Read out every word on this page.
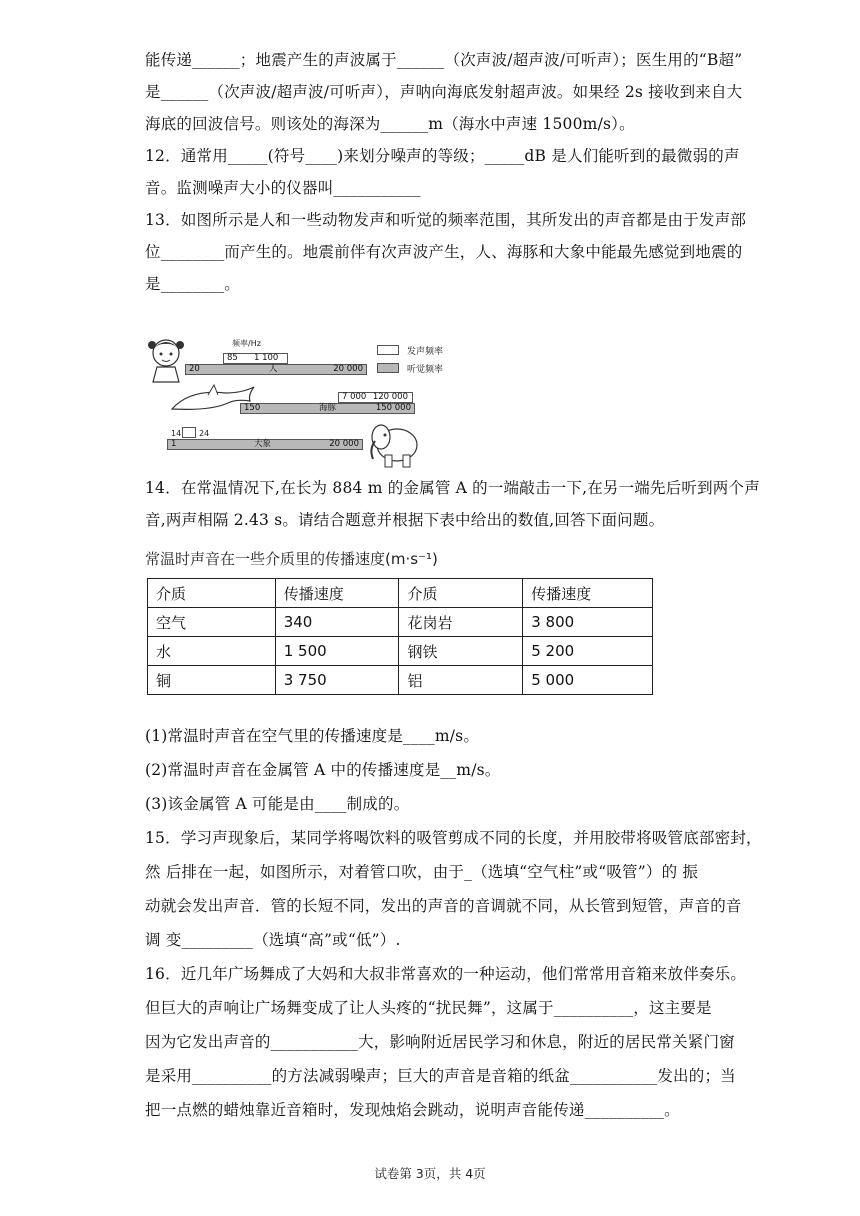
能传递______；地震产生的声波属于______（次声波/超声波/可听声）；医生用的“B超”
是______（次声波/超声波/可听声），声呐向海底发射超声波。如果经 2s 接收到来自大
海底的回波信号。则该处的海深为______m（海水中声速 1500m/s）。
12．通常用_____(符号____)来划分噪声的等级；_____dB 是人们能听到的最微弱的声
音。监测噪声大小的仪器叫___________
13．如图所示是人和一些动物发声和听觉的频率范围，其所发出的声音都是由于发声部
位________而产生的。地震前伴有次声波产生，人、海豚和大象中能最先感觉到地震的
是________。
频率/Hz
85 1 100
20	人	20 000
7 000 120 000
150	海豚	150 000
14 24
1	大象	20 000
发声频率
听觉频率
14．在常温情况下,在长为 884 m 的金属管 A 的一端敲击一下,在另一端先后听到两个声
音,两声相隔 2.43 s。请结合题意并根据下表中给出的数值,回答下面问题。
常温时声音在一些介质里的传播速度(m·s⁻¹)
介质	传播速度	介质	传播速度
空气	340	花岗岩	3 800
水	1 500	钢铁	5 200
铜	3 750	铝	5 000
(1)常温时声音在空气里的传播速度是____m/s。
(2)常温时声音在金属管 A 中的传播速度是__m/s。
(3)该金属管 A 可能是由____制成的。
15．学习声现象后，某同学将喝饮料的吸管剪成不同的长度，并用胶带将吸管底部密封，
然 后排在一起，如图所示，对着管口吹，由于_（选填“空气柱”或“吸管”）的 振
动就会发出声音．管的长短不同，发出的声音的音调就不同，从长管到短管，声音的音
调 变_________（选填“高”或“低”）.
16．近几年广场舞成了大妈和大叔非常喜欢的一种运动，他们常常用音箱来放伴奏乐。
但巨大的声响让广场舞变成了让人头疼的“扰民舞”，这属于__________，这主要是
因为它发出声音的___________大，影响附近居民学习和休息，附近的居民常关紧门窗
是采用__________的方法减弱噪声；巨大的声音是音箱的纸盆___________发出的；当
把一点燃的蜡烛靠近音箱时，发现烛焰会跳动，说明声音能传递__________。
试卷第 3页，共 4页
